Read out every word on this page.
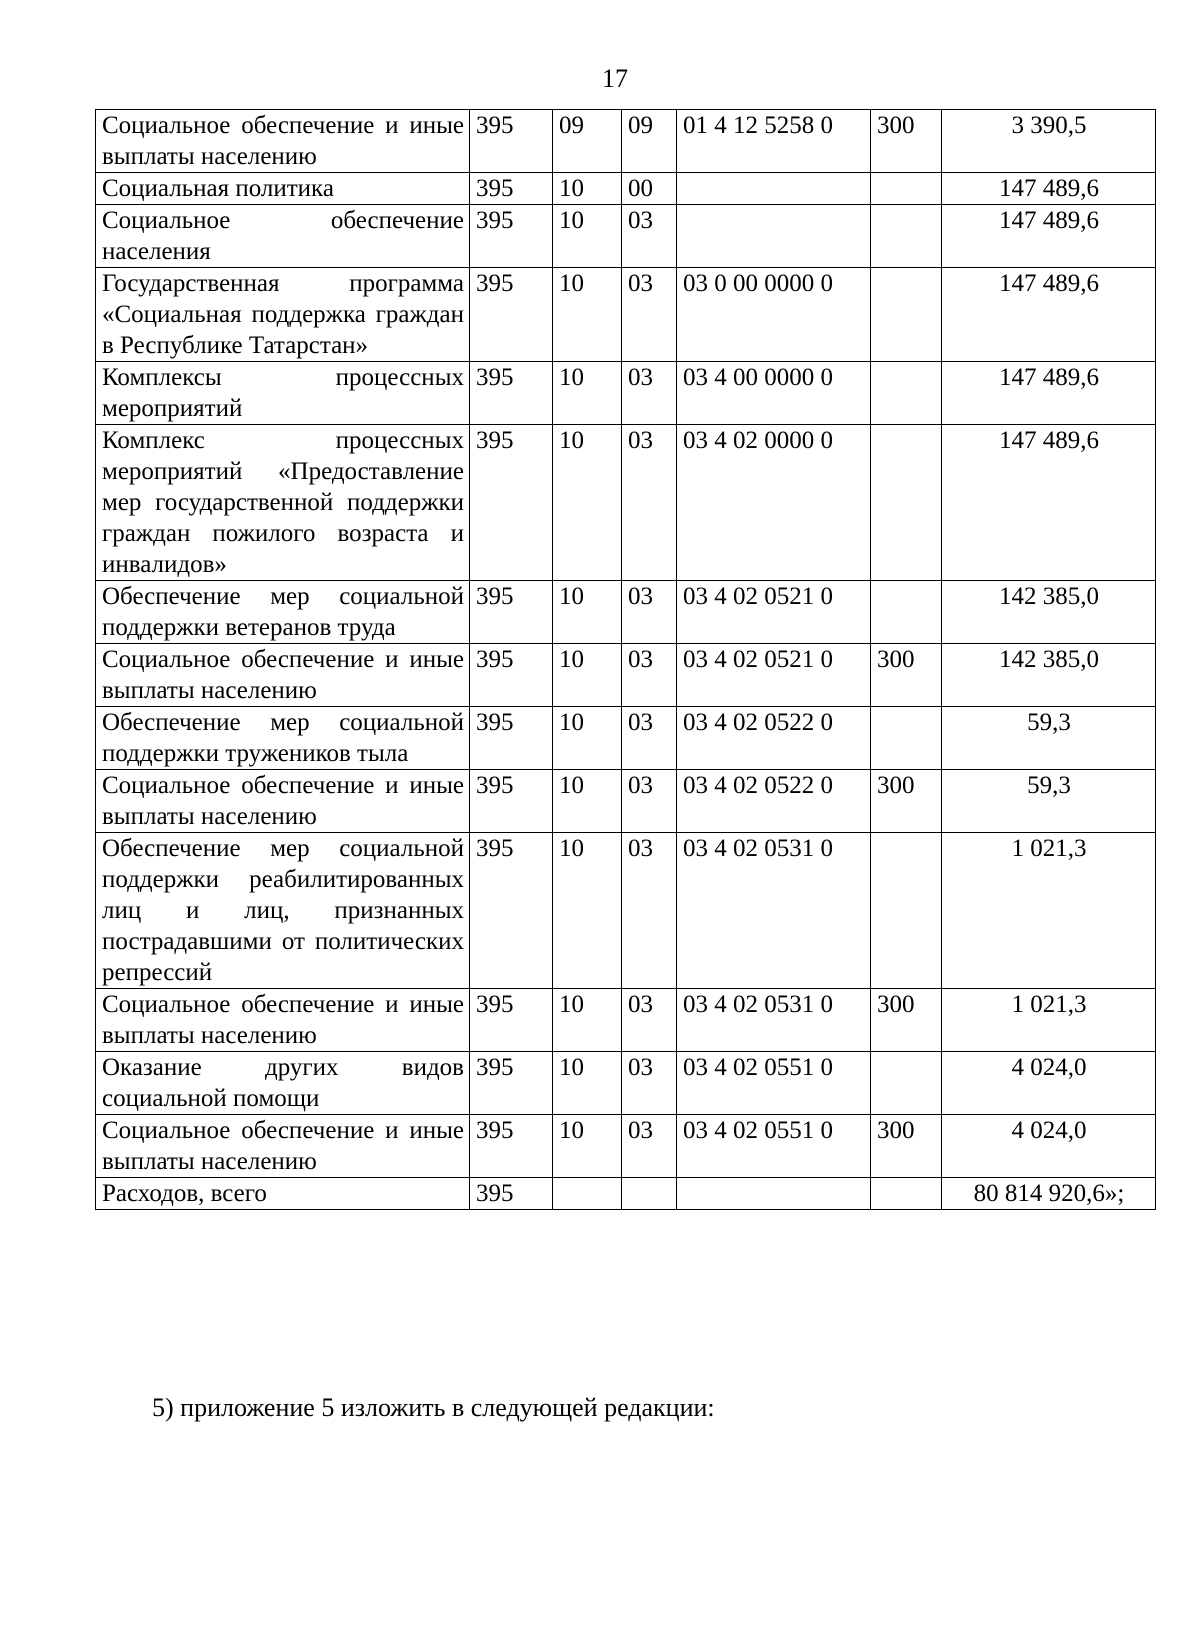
17
Социальное обеспечение и иные выплаты населению	395	09	09	01 4 12 5258 0	300	3 390,5
Социальная политика	395	10	00			147 489,6
Социальное обеспечение населения	395	10	03			147 489,6
Государственная программа «Социальная поддержка граждан в Республике Татарстан»	395	10	03	03 0 00 0000 0		147 489,6
Комплексы процессных мероприятий	395	10	03	03 4 00 0000 0		147 489,6
Комплекс процессных мероприятий «Предоставление мер государственной поддержки граждан пожилого возраста и инвалидов»	395	10	03	03 4 02 0000 0		147 489,6
Обеспечение мер социальной поддержки ветеранов труда	395	10	03	03 4 02 0521 0		142 385,0
Социальное обеспечение и иные выплаты населению	395	10	03	03 4 02 0521 0	300	142 385,0
Обеспечение мер социальной поддержки тружеников тыла	395	10	03	03 4 02 0522 0		59,3
Социальное обеспечение и иные выплаты населению	395	10	03	03 4 02 0522 0	300	59,3
Обеспечение мер социальной поддержки реабилитированных лиц и лиц, признанных пострадавшими от политических репрессий	395	10	03	03 4 02 0531 0		1 021,3
Социальное обеспечение и иные выплаты населению	395	10	03	03 4 02 0531 0	300	1 021,3
Оказание других видов социальной помощи	395	10	03	03 4 02 0551 0		4 024,0
Социальное обеспечение и иные выплаты населению	395	10	03	03 4 02 0551 0	300	4 024,0
Расходов, всего	395					80 814 920,6»;
5) приложение 5 изложить в следующей редакции:
